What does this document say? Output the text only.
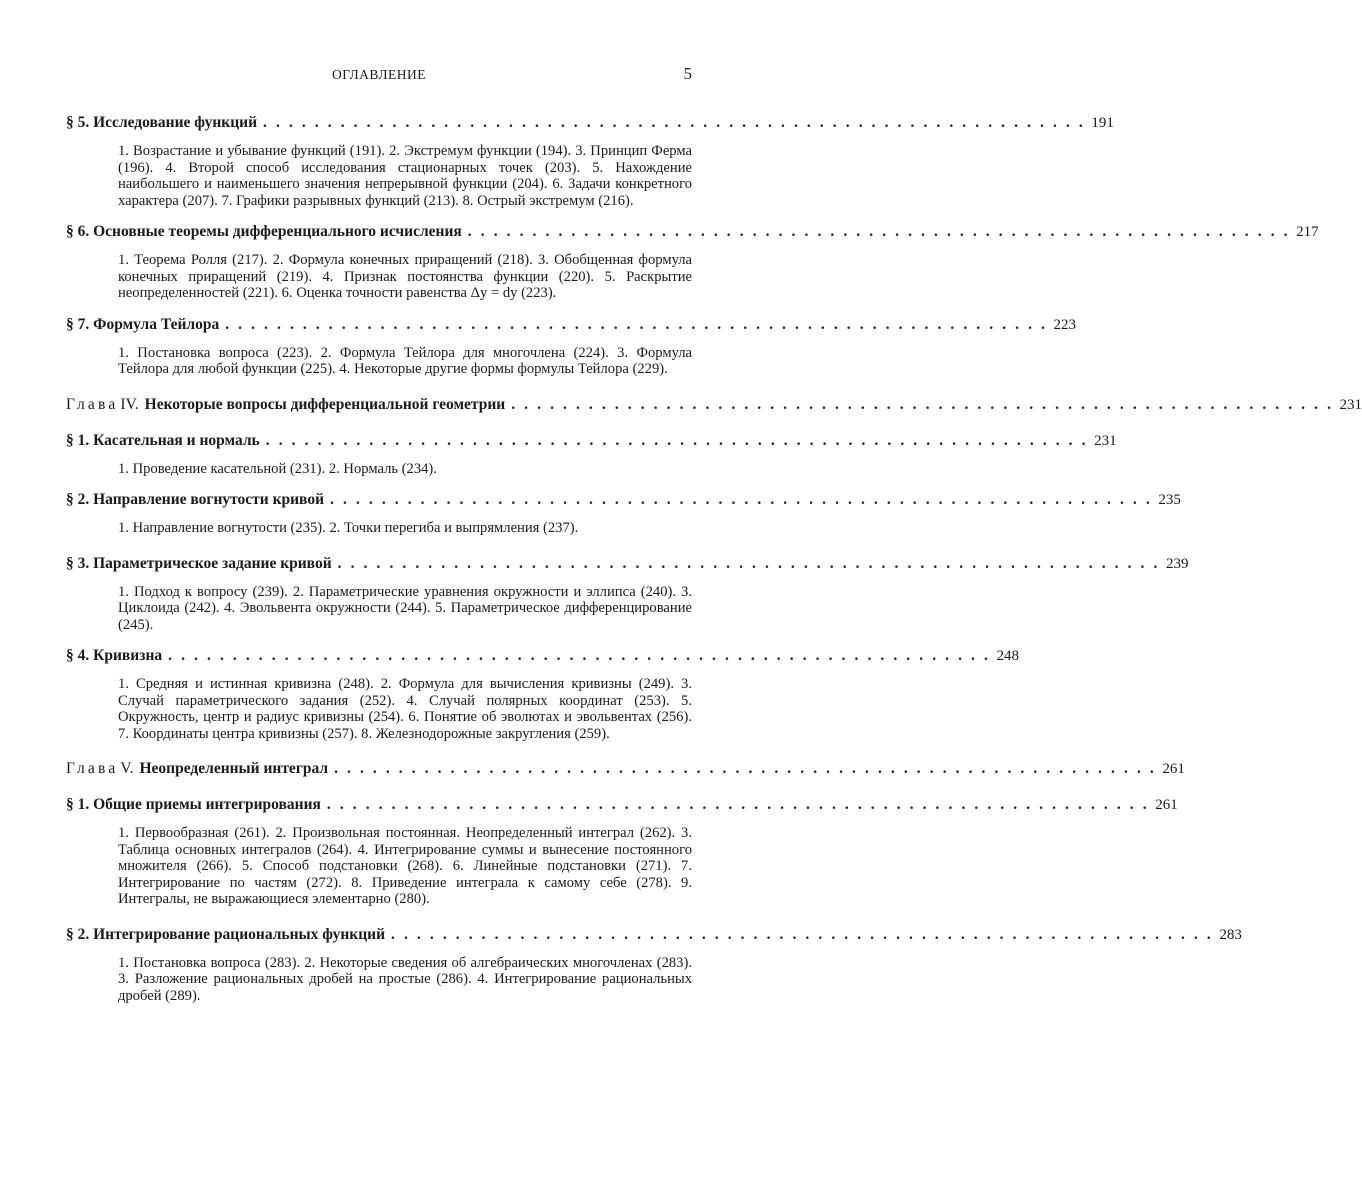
ОГЛАВЛЕНИЕ	5
§ 5. Исследование функций . . . . . . . . . . . . . . . . . . . . . . . . . . . . . . . . . . . . . . . . . . . . . . . . . . . . . . . . . . . . . . . . 191

1. Возрастание и убывание функций (191). 2. Экстремум функции (194). 3. Принцип Ферма (196). 4. Второй способ исследования стационарных точек (203). 5. Нахождение наибольшего и наименьшего значения непрерывной функции (204). 6. Задачи конкретного характера (207). 7. Графики разрывных функций (213). 8. Острый экстремум (216).

§ 6. Основные теоремы дифференциального исчисления . . . . . . . . . . . . . . . . . . . . . . . . . . . . . . . . . . . . . . . . . . . . . . . . . . . . . . . . . . . . . . . . 217

1. Теорема Ролля (217). 2. Формула конечных приращений (218). 3. Обобщенная формула конечных приращений (219). 4. Признак постоянства функции (220). 5. Раскрытие неопределенностей (221). 6. Оценка точности равенства Δy = dy (223).

§ 7. Формула Тейлора . . . . . . . . . . . . . . . . . . . . . . . . . . . . . . . . . . . . . . . . . . . . . . . . . . . . . . . . . . . . . . . . 223

1. Постановка вопроса (223). 2. Формула Тейлора для многочлена (224). 3. Формула Тейлора для любой функции (225). 4. Некоторые другие формы формулы Тейлора (229).

Глава IV. Некоторые вопросы дифференциальной геометрии . . . . . . . . . . . . . . . . . . . . . . . . . . . . . . . . . . . . . . . . . . . . . . . . . . . . . . . . . . . . . . . . 231
§ 1. Касательная и нормаль . . . . . . . . . . . . . . . . . . . . . . . . . . . . . . . . . . . . . . . . . . . . . . . . . . . . . . . . . . . . . . . . 231

1. Проведение касательной (231). 2. Нормаль (234).

§ 2. Направление вогнутости кривой . . . . . . . . . . . . . . . . . . . . . . . . . . . . . . . . . . . . . . . . . . . . . . . . . . . . . . . . . . . . . . . . 235

1. Направление вогнутости (235). 2. Точки перегиба и выпрямления (237).

§ 3. Параметрическое задание кривой . . . . . . . . . . . . . . . . . . . . . . . . . . . . . . . . . . . . . . . . . . . . . . . . . . . . . . . . . . . . . . . . 239

1. Подход к вопросу (239). 2. Параметрические уравнения окружности и эллипса (240). 3. Циклоида (242). 4. Эвольвента окружности (244). 5. Параметрическое дифференцирование (245).

§ 4. Кривизна . . . . . . . . . . . . . . . . . . . . . . . . . . . . . . . . . . . . . . . . . . . . . . . . . . . . . . . . . . . . . . . . 248

1. Средняя и истинная кривизна (248). 2. Формула для вычисления кривизны (249). 3. Случай параметрического задания (252). 4. Случай полярных координат (253). 5. Окружность, центр и радиус кривизны (254). 6. Понятие об эволютах и эвольвентах (256). 7. Координаты центра кривизны (257). 8. Железнодорожные закругления (259).

Глава V. Неопределенный интеграл . . . . . . . . . . . . . . . . . . . . . . . . . . . . . . . . . . . . . . . . . . . . . . . . . . . . . . . . . . . . . . . . 261
§ 1. Общие приемы интегрирования . . . . . . . . . . . . . . . . . . . . . . . . . . . . . . . . . . . . . . . . . . . . . . . . . . . . . . . . . . . . . . . . 261

1. Первообразная (261). 2. Произвольная постоянная. Неопределенный интеграл (262). 3. Таблица основных интегралов (264). 4. Интегрирование суммы и вынесение постоянного множителя (266). 5. Способ подстановки (268). 6. Линейные подстановки (271). 7. Интегрирование по частям (272). 8. Приведение интеграла к самому себе (278). 9. Интегралы, не выражающиеся элементарно (280).

§ 2. Интегрирование рациональных функций . . . . . . . . . . . . . . . . . . . . . . . . . . . . . . . . . . . . . . . . . . . . . . . . . . . . . . . . . . . . . . . . 283

1. Постановка вопроса (283). 2. Некоторые сведения об алгебраических многочленах (283). 3. Разложение рациональных дробей на простые (286). 4. Интегрирование рациональных дробей (289).
